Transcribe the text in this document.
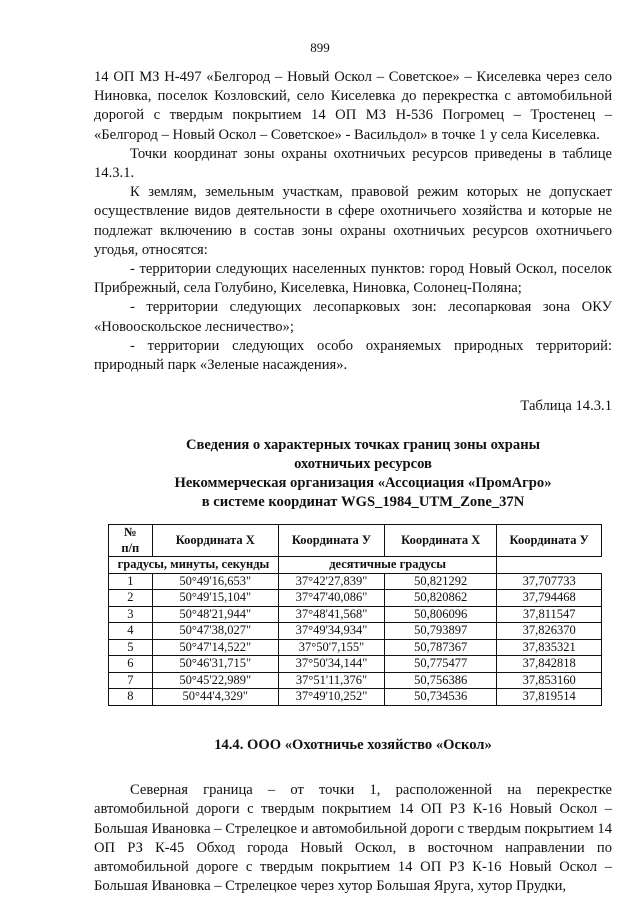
899

14 ОП МЗ Н-497 «Белгород – Новый Оскол – Советское» – Киселевка через село Ниновка, поселок Козловский, село Киселевка до перекрестка с автомобильной дорогой с твердым покрытием 14 ОП МЗ Н-536 Погромец – Тростенец – «Белгород – Новый Оскол – Советское» - Васильдол» в точке 1 у села Киселевка.

Точки координат зоны охраны охотничьих ресурсов приведены в таблице 14.3.1.

К землям, земельным участкам, правовой режим которых не допускает осуществление видов деятельности в сфере охотничьего хозяйства и которые не подлежат включению в состав зоны охраны охотничьих ресурсов охотничьего угодья, относятся:

- территории следующих населенных пунктов: город Новый Оскол, поселок Прибрежный, села Голубино, Киселевка, Ниновка, Солонец-Поляна;

- территории следующих лесопарковых зон: лесопарковая зона ОКУ «Новооскольское лесничество»;

- территории следующих особо охраняемых природных территорий: природный парк «Зеленые насаждения».

Таблица 14.3.1
Сведения о характерных точках границ зоны охраны
охотничьих ресурсов
Некоммерческая организация «Ассоциация «ПромАгро»
в системе координат WGS_1984_UTM_Zone_37N
№
п/п	Координата X	Координата У	Координата X	Координата У
градусы, минуты, секунды		десятичные градусы		
1	50°49'16,653"	37°42'27,839"	50,821292	37,707733
2	50°49'15,104"	37°47'40,086"	50,820862	37,794468
3	50°48'21,944"	37°48'41,568"	50,806096	37,811547
4	50°47'38,027"	37°49'34,934"	50,793897	37,826370
5	50°47'14,522"	37°50'7,155"	50,787367	37,835321
6	50°46'31,715"	37°50'34,144"	50,775477	37,842818
7	50°45'22,989"	37°51'11,376"	50,756386	37,853160
8	50°44'4,329"	37°49'10,252"	50,734536	37,819514
14.4. ООО «Охотничье хозяйство «Оскол»

Северная граница – от точки 1, расположенной на перекрестке автомобильной дороги с твердым покрытием 14 ОП РЗ К-16 Новый Оскол – Большая Ивановка – Стрелецкое и автомобильной дороги с твердым покрытием 14 ОП РЗ К-45 Обход города Новый Оскол, в восточном направлении по автомобильной дороге с твердым покрытием 14 ОП РЗ К-16 Новый Оскол – Большая Ивановка – Стрелецкое через хутор Большая Яруга, хутор Прудки,
